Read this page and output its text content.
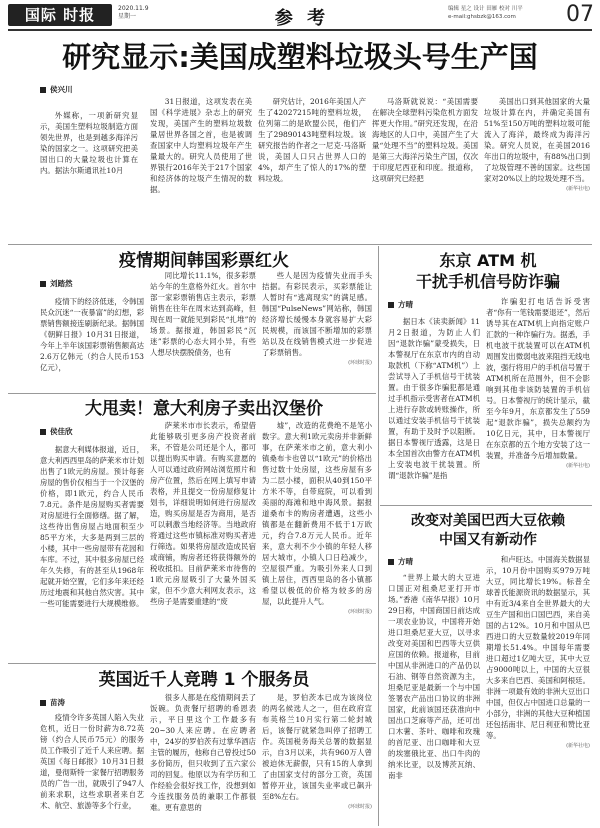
国际 时报	2020.11.9
星期一	参 考	编辑 星之 设计 田雁 校对 川平
e-mail:ghsbzk@163.com	07
研究显示:美国成塑料垃圾头号生产国
侯兴川

外媒称，一项新研究显示，美国生塑料垃圾制造方面领先世界，也是到越多海洋污染的国家之一。这项研究把美国出口的大量垃圾也计算在内。据法尔斯通讯社10月

31日报道，这项发表在美国《科学进展》杂志上的研究发现，美国产生的塑料垃圾数量居世界各国之首，也是被调查国家中人均塑料垃圾年产生量最大的。研究人员使用了世界银行2016年关于217个国家和经济体的垃圾产生情况的数据。

研究估计，2016年美国人产生了42027215吨的塑料垃圾，位列第二的是欧盟公民，他们产生了29890143吨塑料垃圾。该研究报告的作者之一尼克·马洛斯说，美国人口只占世界人口的4%，却产生了惊人的17%的塑料垃圾。

马洛斯就说说：“美国需要在解决全球塑料污染危机方面发挥更大作用。”研究还发现，在沿海地区的人口中，美国产生了大量“处理不当”的塑料垃圾。美国是第三大海洋污染生产国，仅次于印度尼西亚和印度。报道称，这项研究已经把

美国出口到其他国家的大量垃圾计算在内，并确定美国有51%至150万吨的塑料垃圾可能流入了海洋，最终成为海洋污染。研究人员说，在美国2016年出口的垃圾中，有88%出口到了垃圾管理不善的国家。这些国家对20%以上的垃圾处理不当。

(新华社电)

疫情期间韩国彩票红火
刘踏然

疫情下的经济低迷，令韩国民众沉迷“一夜暴富”的幻想，彩票销售额接连刷新纪录。据韩国《朝鲜日报》10月31日报道，今年上半年该国彩票销售额高达2.6万亿韩元（约合人民币153亿元），

同比增长11.1%，很多彩票站今年的生意格外红火。首尔中部一家彩票销售店主表示，彩票销售在往年在周末达到高峰，但现在周一就能见到彩民“扎堆”的场景。据报道，韩国彩民“沉迷”彩票的心态大同小异，有些人想尽快摆脱债务，也有

些人是因为疫情失业而手头拮据。有彩民表示，买彩票能让人暂时有“逃离现实”的满足感。韩国“PulseNews”网站称，韩国经济增长缓慢本身就容易扩大彩民规模，而该国不断增加的彩票站以及在线销售模式进一步促进了彩票销售。

(环球时报)

大甩卖！意大利房子卖出汉堡价
侯佳欣

据意大利媒体报道，近日，意大利西西里岛的萨莱米市计划出售了1欧元的房屋。预计每套房屋的售价仅相当于一个汉堡的价格，即1欧元，约合人民币7.8元。条件是房屋购买者需要对房屋进行全面修缮。据了解，这些待出售房屋占地面积至少85平方米，大多是两到三层的小楼，其中一些房屋带有花园和车库。不过，其中很多房屋已经年久失修，有的甚至从1968年起就开始空置，它们多年来还经历过地震和其他自然灾害。其中一些可能需要进行大规模维修。

萨莱米市市长表示，希望借此能够吸引更多房产投资者前来，不管是公司还是个人，都可以提出购买申请。有购买意愿的人可以通过政府网站浏览照片和房产位置，然后在网上填写申请表格，并且提交一份房屋修复计划书，详细说明如何进行房屋改造，购买房屋是否为商用，是否可以刺激当地经济等。当地政府将通过这些市镇标准对购买者进行筛选。如果将房屋改造成民宿或商铺，购房者还将获得额外的税收抵扣。目前萨莱米市待售的1欧元房屋吸引了大量外国买家，但不少意大利网友表示，这些房子是需要重建的“废

墟”，改造的花费绝不是笔小数字。意大利1欧元卖房并非新鲜事，在萨莱米市之前，意大利小镇桑布卡也曾以“1欧元”的价格出售过数十处房屋，这些房屋有多为二层小楼，面积从40到150平方米不等，自带庭院，可以看到美丽的海滩和地中海风景。据报道桑布卡的购房者遭遇，这些小镇都是在翻新费用不低于1万欧元，约合7.8万元人民币。近年来，意大利不少小镇的年轻人移居大城市，小镇人口日趋减少，空屋很严重。为吸引外来人口到镇上居住，西西里岛的各小镇都希望以极低的价格为较多的房屋，以此提升人气。

(环球时报)

英国近千人竞聘 1 个服务员
苗涛

疫情令许多英国人陷入失业危机，近日一份时薪为8.72英镑（约合人民币75元）的服务员工作吸引了近千人来应聘。据英国《每日邮报》10月31日报道，曼彻斯特一家餐厅招聘服务员的广告一出，就吸引了947人前来求职，这些求职者来自艺术、航空、旅游等多个行业，

很多人都是在疫情期间丢了饭碗。负责餐厅招聘的希恩表示，平日里这个工作最多有20~30人来应聘。在应聘者中，24岁的罗伯茨有过掌华酒店主管的履历，他称自己曾投过50多份简历，但只收到了五六家公司的回复。他原以为有学历和工作经验会很好找工作，没想到如今连找服务员的兼职工作都很难。更有意思的

是，罗伯茨本已成为该岗位的两名候选人之一，但在政府宣布英格兰10月实行第二轮封城后，该餐厅就紧急叫停了招聘工作。英国税务海关总署的数据显示，自3月以来，共有960万人曾被迫休无薪假，只有15的人拿到了由国家支付的部分工资，英国暂停开业，该国失业率或已飙升至8%左右。

(环球时报)

东京 ATM 机
干扰手机信号防诈骗
方晴

据日本《读卖新闻》11月2日报道，为防止人们因“退款诈骗”蒙受损失，日本警视厅在东京市内的自动取款机（下称“ATM机”）上尝试导入了手机信号干扰装置。由于很多诈骗犯都是通过手机指示受害者在ATM机上进行存款或转账操作，所以通过安装手机信号干扰装置，有助于及时予以阻断。据日本警视厅透露，这是日本全国首次由警方在ATM机上安装电波干扰装置。所谓“退款诈骗”是指

诈骗犯打电话告诉受害者“你有一笔钱需要退还”，然后诱导其在ATM机上向指定账户汇款的一种诈骗行为。据悉，手机电波干扰装置可以在ATM机周围发出微弱电波来阻挡无线电波，强行将用户的手机信号置于ATM机所在范围外，但不会影响到其他非该防装置的手机信号。日本警视厅的统计显示，截至今年9月，东京都发生了559起“退款诈骗”，损失总额约为10亿日元，其中，日本警视厅在东京都的五个地方安装了这一装置，并准备今后增加数量。

(新华社电)

改变对美国巴西大豆依赖
中国又有新动作
方晴

“世界上最大的大豆进口国正对租桑尼亚打开市场。”香港《南华早报》10月29日称，中国商国日前达成一项农业协议，中国将开始进口坦桑尼亚大豆，以寻求改变对美国和巴西等大豆供应国的依赖。报道称，目前中国从非洲进口的产品仍以石油、钢等自然资源为主，坦桑尼亚是最新一个与中国签署农产品出口协议的非洲国家，此前该国还获准向中国出口芝麻等产品，还可出口木薯、茶叶、咖啡和玫瑰的首尼亚、出口咖啡和大豆的埃塞俄比亚、出口牛肉的纳米比亚，以及博茨瓦纳、南非

和卢旺达。中国海关数据显示，10月份中国购买979万吨大豆，同比增长19%。标普全球普氏能源资讯的数据显示，其中有近3/4来自全世界最大的大豆生产国和出口国巴西，来自美国的占12%。10月和中国从巴西进口的大豆数量较2019年同期增长51.4%。中国每年需要进口超过1亿吨大豆，其中大豆占9000吨以上，中国的大豆很大多来自巴西、美国和阿根廷。非洲一项最有效的非洲大豆出口中国，但仅占中国进口总量的一小部分，非洲的其他大豆种植国还包括南非、尼日利亚和赞比亚等。

(新华社电)
